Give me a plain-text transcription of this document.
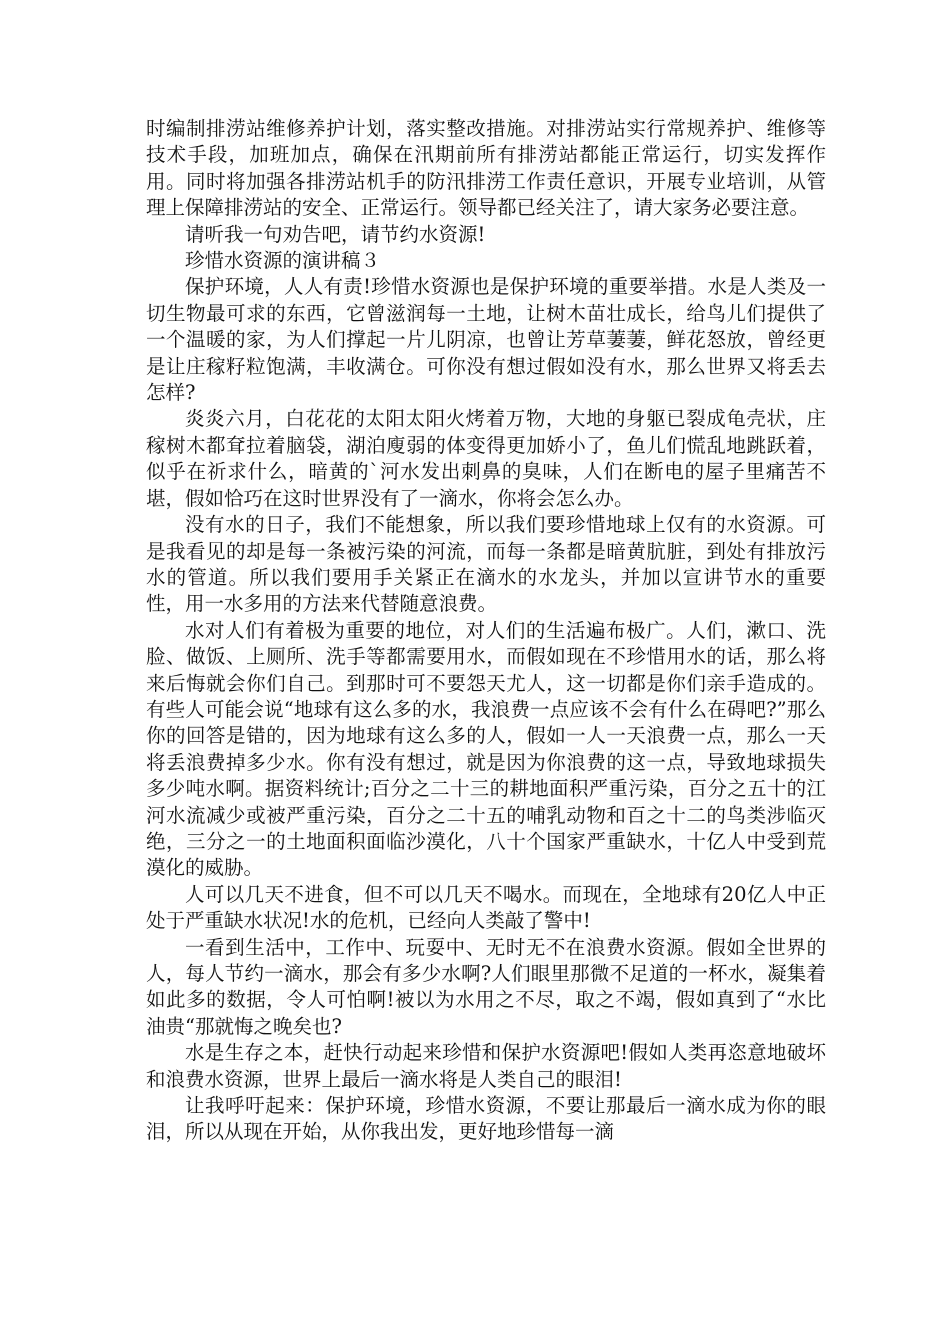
时编制排涝站维修养护计划，落实整改措施。对排涝站实行常规养护、维修等技术手段，加班加点，确保在汛期前所有排涝站都能正常运行，切实发挥作用。同时将加强各排涝站机手的防汛排涝工作责任意识，开展专业培训，从管理上保障排涝站的安全、正常运行。领导都已经关注了，请大家务必要注意。

请听我一句劝告吧，请节约水资源!

珍惜水资源的演讲稿３

保护环境，人人有责!珍惜水资源也是保护环境的重要举措。水是人类及一切生物最可求的东西，它曾滋润每一土地，让树木苗壮成长，给鸟儿们提供了一个温暖的家，为人们撑起一片儿阴凉，也曾让芳草萋萋，鲜花怒放，曾经更是让庄稼籽粒饱满，丰收满仓。可你没有想过假如没有水，那么世界又将丢去怎样?

炎炎六月，白花花的太阳太阳火烤着万物，大地的身躯已裂成龟壳状，庄稼树木都耷拉着脑袋，湖泊廋弱的体变得更加娇小了，鱼儿们慌乱地跳跃着，似乎在祈求什么，暗黄的`河水发出刺鼻的臭味，人们在断电的屋子里痛苦不堪，假如恰巧在这时世界没有了一滴水，你将会怎么办。

没有水的日子，我们不能想象，所以我们要珍惜地球上仅有的水资源。可是我看见的却是每一条被污染的河流，而每一条都是暗黄肮脏，到处有排放污水的管道。所以我们要用手关紧正在滴水的水龙头，并加以宣讲节水的重要性，用一水多用的方法来代替随意浪费。

水对人们有着极为重要的地位，对人们的生活遍布极广。人们，漱口、洗脸、做饭、上厕所、洗手等都需要用水，而假如现在不珍惜用水的话，那么将来后悔就会你们自己。到那时可不要怨天尤人，这一切都是你们亲手造成的。有些人可能会说“地球有这么多的水，我浪费一点应该不会有什么在碍吧?”那么你的回答是错的，因为地球有这么多的人，假如一人一天浪费一点，那么一天将丢浪费掉多少水。你有没有想过，就是因为你浪费的这一点，导致地球损失多少吨水啊。据资料统计;百分之二十三的耕地面积严重污染，百分之五十的江河水流减少或被严重污染，百分之二十五的哺乳动物和百之十二的鸟类涉临灭绝，三分之一的土地面积面临沙漠化，八十个国家严重缺水，十亿人中受到荒漠化的威胁。

人可以几天不进食，但不可以几天不喝水。而现在，全地球有20亿人中正处于严重缺水状况!水的危机，已经向人类敲了警中!

一看到生活中，工作中、玩耍中、无时无不在浪费水资源。假如全世界的人，每人节约一滴水，那会有多少水啊?人们眼里那微不足道的一杯水，凝集着如此多的数据，令人可怕啊!被以为水用之不尽，取之不竭，假如真到了“水比油贵“那就悔之晚矣也?

水是生存之本，赶快行动起来珍惜和保护水资源吧!假如人类再恣意地破坏和浪费水资源，世界上最后一滴水将是人类自己的眼泪!

让我呼吁起来：保护环境，珍惜水资源，不要让那最后一滴水成为你的眼泪，所以从现在开始，从你我出发，更好地珍惜每一滴
